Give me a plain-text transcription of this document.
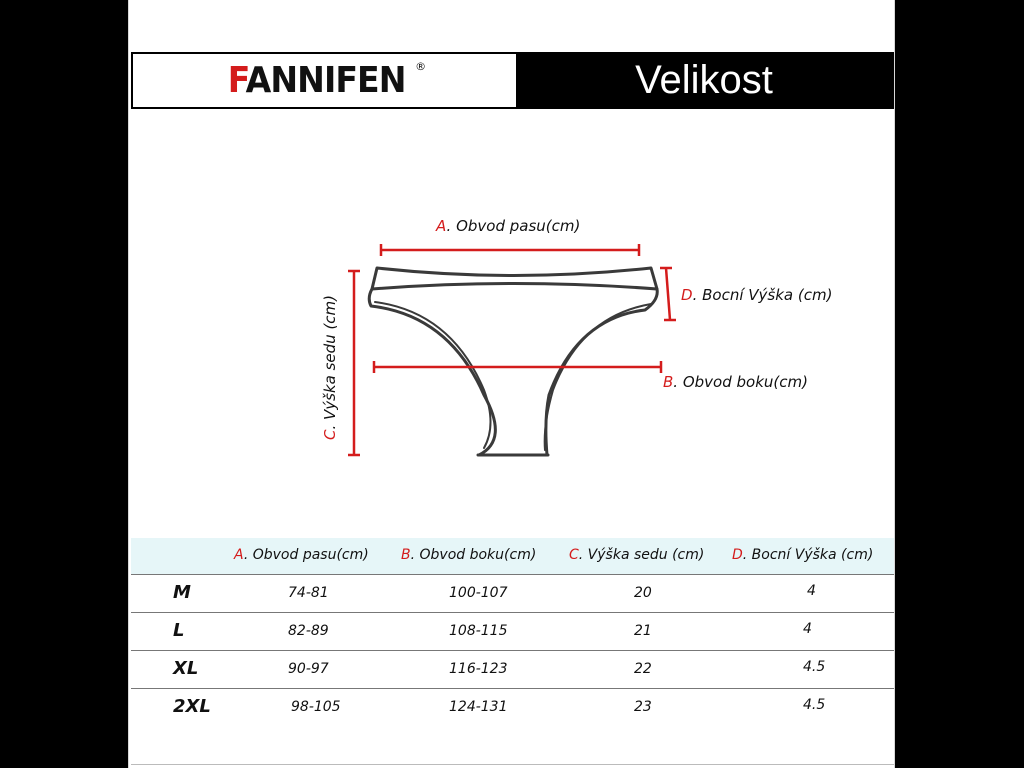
FANNIFEN ®	Velikost
A. Obvod pasu(cm)
D. Bocní Výška (cm)
B. Obvod boku(cm)
C. Výška sedu (cm)
A. Obvod pasu(cm) B. Obvod boku(cm) C. Výška sedu (cm) D. Bocní Výška (cm)
M	74-81	100-107	20	4
L	82-89	108-115	21	4
XL	90-97	116-123	22	4.5
2XL	98-105	124-131	23	4.5
